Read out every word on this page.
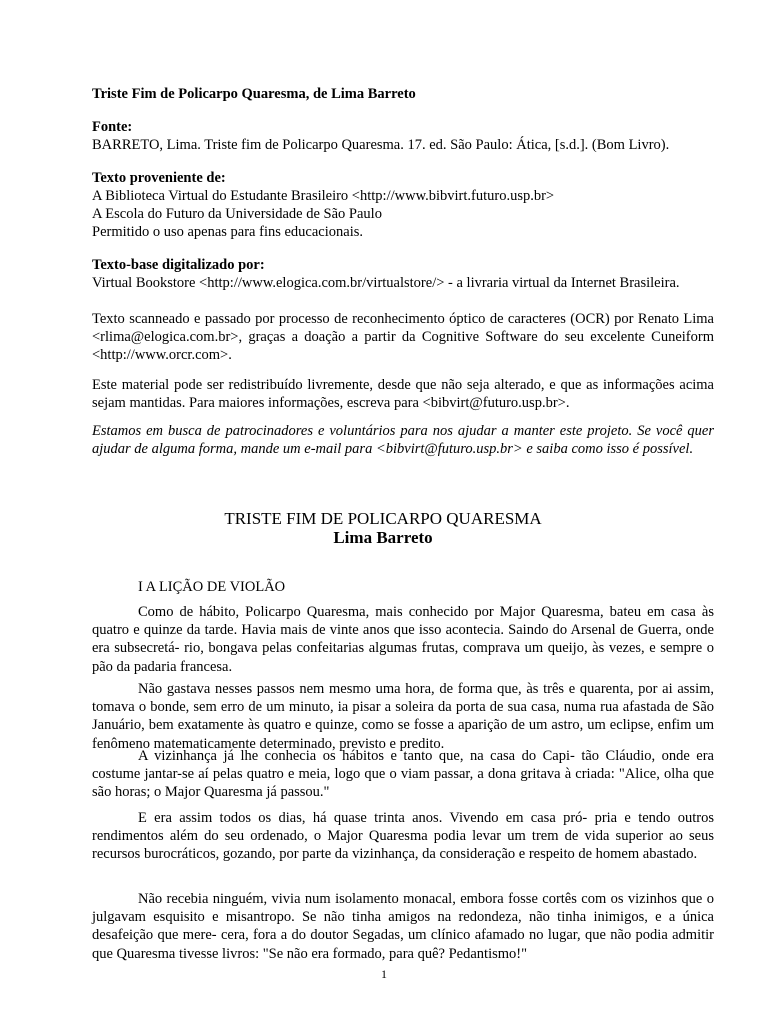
Triste Fim de Policarpo Quaresma, de Lima Barreto

Fonte:

BARRETO, Lima. Triste fim de Policarpo Quaresma. 17. ed. São Paulo: Ática, [s.d.]. (Bom Livro).

Texto proveniente de:

A Biblioteca Virtual do Estudante Brasileiro <http://www.bibvirt.futuro.usp.br>

A Escola do Futuro da Universidade de São Paulo

Permitido o uso apenas para fins educacionais.

Texto-base digitalizado por:

Virtual Bookstore <http://www.elogica.com.br/virtualstore/> - a livraria virtual da Internet Brasileira.

Texto scanneado e passado por processo de reconhecimento óptico de caracteres (OCR) por Renato Lima <rlima@elogica.com.br>, graças a doação a partir da Cognitive Software do seu excelente Cuneiform <http://www.orcr.com>.

Este material pode ser redistribuído livremente, desde que não seja alterado, e que as informações acima sejam mantidas. Para maiores informações, escreva para <bibvirt@futuro.usp.br>.

Estamos em busca de patrocinadores e voluntários para nos ajudar a manter este projeto. Se você quer ajudar de alguma forma, mande um e-mail para <bibvirt@futuro.usp.br> e saiba como isso é possível.

TRISTE FIM DE POLICARPO QUARESMA

Lima Barreto

I A LIÇÃO DE VIOLÃO

Como de hábito, Policarpo Quaresma, mais conhecido por Major Quaresma, bateu em casa às quatro e quinze da tarde. Havia mais de vinte anos que isso acontecia. Saindo do Arsenal de Guerra, onde era subsecretá- rio, bongava pelas confeitarias algumas frutas, comprava um queijo, às vezes, e sempre o pão da padaria francesa.

Não gastava nesses passos nem mesmo uma hora, de forma que, às três e quarenta, por ai assim, tomava o bonde, sem erro de um minuto, ia pisar a soleira da porta de sua casa, numa rua afastada de São Januário, bem exatamente às quatro e quinze, como se fosse a aparição de um astro, um eclipse, enfim um fenômeno matematicamente determinado, previsto e predito.

A vizinhança já lhe conhecia os hábitos e tanto que, na casa do Capi- tão Cláudio, onde era costume jantar-se aí pelas quatro e meia, logo que o viam passar, a dona gritava à criada: "Alice, olha que são horas; o Major Quaresma já passou."

E era assim todos os dias, há quase trinta anos. Vivendo em casa pró- pria e tendo outros rendimentos além do seu ordenado, o Major Quaresma podia levar um trem de vida superior ao seus recursos burocráticos, gozando, por parte da vizinhança, da consideração e respeito de homem abastado.

Não recebia ninguém, vivia num isolamento monacal, embora fosse cortês com os vizinhos que o julgavam esquisito e misantropo. Se não tinha amigos na redondeza, não tinha inimigos, e a única desafeição que mere- cera, fora a do doutor Segadas, um clínico afamado no lugar, que não podia admitir que Quaresma tivesse livros: "Se não era formado, para quê? Pedantismo!"

1
